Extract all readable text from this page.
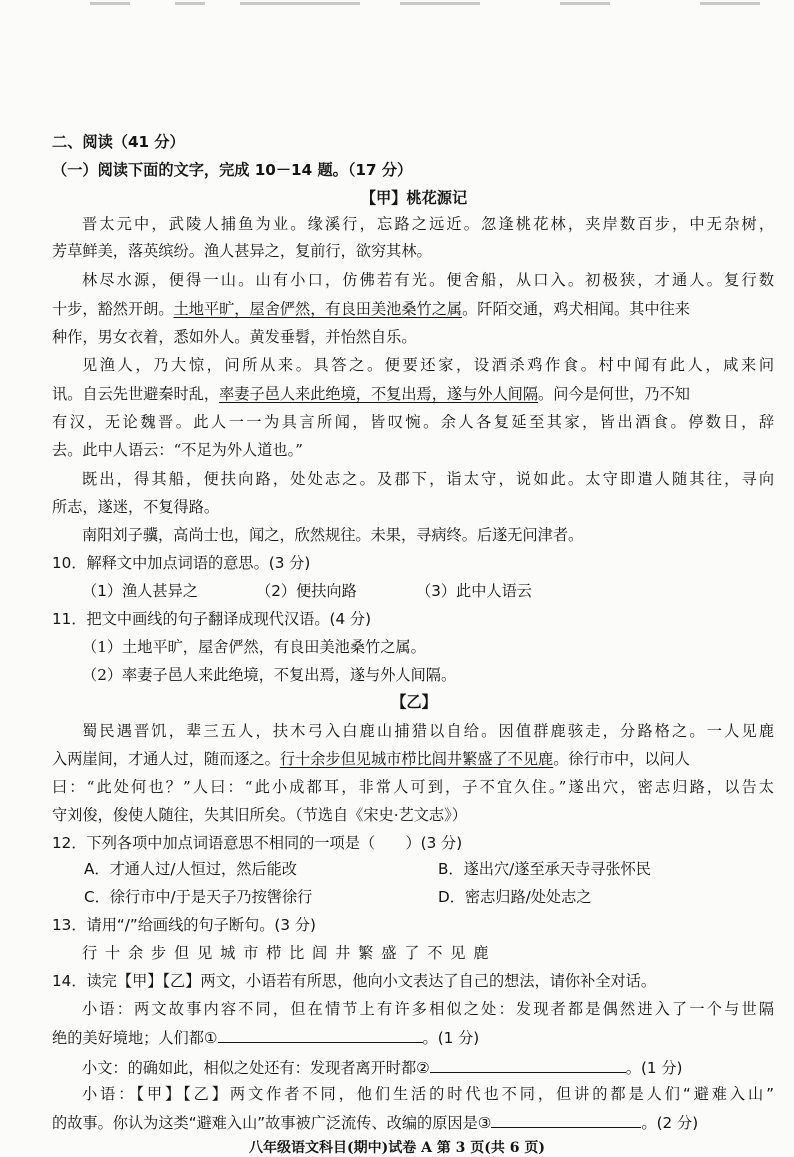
二、阅读（41 分）
（一）阅读下面的文字，完成 10－14 题。（17 分）
【甲】桃花源记
晋太元中，武陵人捕鱼为业。缘溪行，忘路之远近。忽逢桃花林，夹岸数百步，中无杂树，
芳草鲜美，落英缤纷。渔人甚异之，复前行，欲穷其林。
林尽水源，便得一山。山有小口，仿佛若有光。便舍船，从口入。初极狭，才通人。复行数
十步，豁然开朗。土地平旷，屋舍俨然，有良田美池桑竹之属。阡陌交通，鸡犬相闻。其中往来
种作，男女衣着，悉如外人。黄发垂髫，并怡然自乐。
见渔人，乃大惊，问所从来。具答之。便要还家，设酒杀鸡作食。村中闻有此人，咸来问
讯。自云先世避秦时乱，率妻子邑人来此绝境，不复出焉，遂与外人间隔。问今是何世，乃不知
有汉，无论魏晋。此人一一为具言所闻，皆叹惋。余人各复延至其家，皆出酒食。停数日，辞
去。此中人语云：“不足为外人道也。”
既出，得其船，便扶向路，处处志之。及郡下，诣太守，说如此。太守即遣人随其往，寻向
所志，遂迷，不复得路。
南阳刘子骥，高尚士也，闻之，欣然规往。未果，寻病终。后遂无问津者。
10．解释文中加点词语的意思。(3 分)
（1）渔人甚异之	（2）便扶向路	（3）此中人语云
11．把文中画线的句子翻译成现代汉语。(4 分)
（1）土地平旷，屋舍俨然，有良田美池桑竹之属。
（2）率妻子邑人来此绝境，不复出焉，遂与外人间隔。
【乙】
蜀民遇晋饥，辈三五人，扶木弓入白鹿山捕猎以自给。因值群鹿骇走，分路格之。一人见鹿
入两崖间，才通人过，随而逐之。行十余步但见城市栉比闾井繁盛了不见鹿。徐行市中，以问人
曰：“此处何也？”人曰：“此小成都耳，非常人可到，子不宜久住。”遂出穴，密志归路，以告太
守刘俊，俊使人随往，失其旧所矣。（节选自《宋史·艺文志》）
12．下列各项中加点词语意思不相同的一项是（　　）(3 分)
A．才通人过/人恒过，然后能改	B．遂出穴/遂至承天寺寻张怀民
C．徐行市中/于是天子乃按辔徐行	D．密志归路/处处志之
13．请用“/”给画线的句子断句。(3 分)
行 十 余 步 但 见 城 市 栉 比 闾 井 繁 盛 了 不 见 鹿
14．读完【甲】【乙】两文，小语若有所思，他向小文表达了自己的想法，请你补全对话。
小语：两文故事内容不同，但在情节上有许多相似之处：发现者都是偶然进入了一个与世隔
绝的美好境地；人们都①	。(1 分)
小文：的确如此，相似之处还有：发现者离开时都②	。(1 分)
小语：【甲】【乙】两文作者不同，他们生活的时代也不同，但讲的都是人们“避难入山”
的故事。你认为这类“避难入山”故事被广泛流传、改编的原因是③	。(2 分)
八年级语文科目(期中)试卷 A 第 3 页(共 6 页)
